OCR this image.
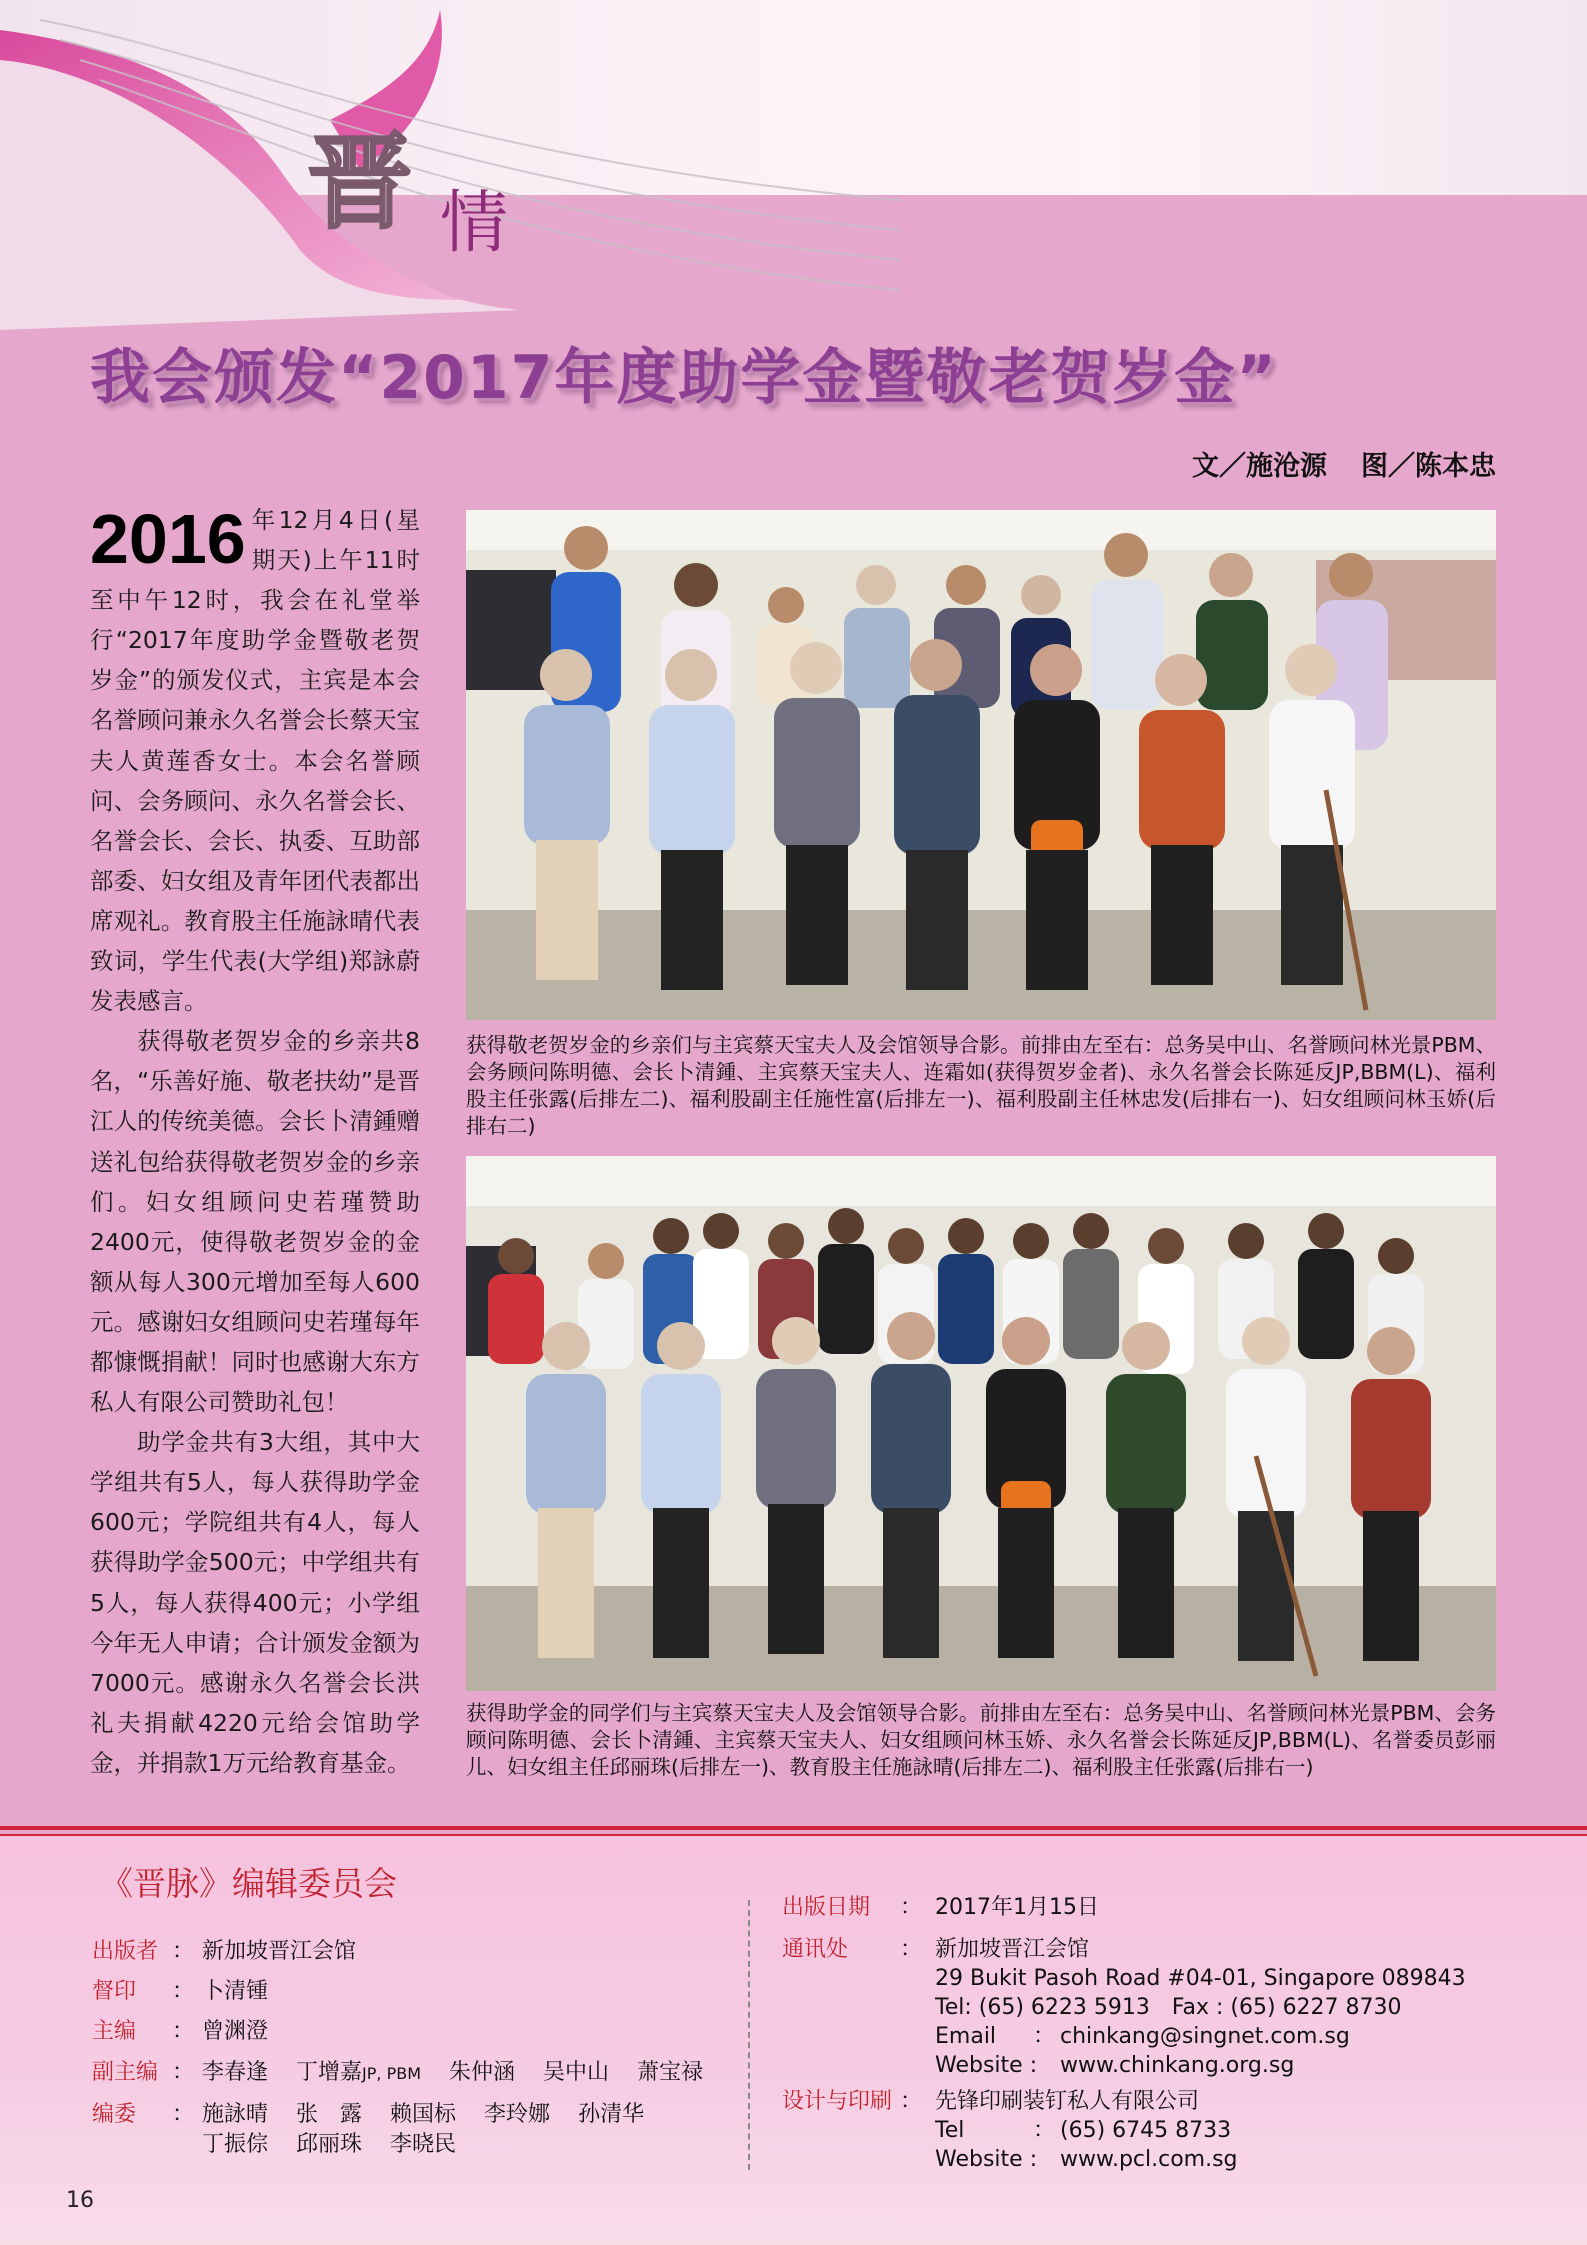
晋 情
我会颁发“2017年度助学金暨敬老贺岁金”
文／施沧源 图／陈本忠

2016 年12月4日(星期天)上午11时至中午12时，我会在礼堂举行“2017年度助学金暨敬老贺岁金”的颁发仪式，主宾是本会名誉顾问兼永久名誉会长蔡天宝夫人黄莲香女士。本会名誉顾问、会务顾问、永久名誉会长、名誉会长、会长、执委、互助部部委、妇女组及青年团代表都出席观礼。教育股主任施詠晴代表致词，学生代表(大学组)郑詠蔚发表感言。

获得敬老贺岁金的乡亲共8名，“乐善好施、敬老扶幼”是晋江人的传统美德。会长卜清鍾赠送礼包给获得敬老贺岁金的乡亲们。妇女组顾问史若瑾赞助2400元，使得敬老贺岁金的金额从每人300元增加至每人600元。感谢妇女组顾问史若瑾每年都慷慨捐献！同时也感谢大东方私人有限公司赞助礼包！

助学金共有3大组，其中大学组共有5人，每人获得助学金600元；学院组共有4人，每人获得助学金500元；中学组共有5人，每人获得400元；小学组今年无人申请；合计颁发金额为7000元。感谢永久名誉会长洪礼夫捐献4220元给会馆助学金，并捐款1万元给教育基金。

获得敬老贺岁金的乡亲们与主宾蔡天宝夫人及会馆领导合影。前排由左至右：总务吴中山、名誉顾问林光景PBM、会务顾问陈明德、会长卜清鍾、主宾蔡天宝夫人、连霜如(获得贺岁金者)、永久名誉会长陈延反JP,BBM(L)、福利股主任张露(后排左二)、福利股副主任施性富(后排左一)、福利股副主任林忠发(后排右一)、妇女组顾问林玉娇(后排右二)
获得助学金的同学们与主宾蔡天宝夫人及会馆领导合影。前排由左至右：总务吴中山、名誉顾问林光景PBM、会务顾问陈明德、会长卜清鍾、主宾蔡天宝夫人、妇女组顾问林玉娇、永久名誉会长陈延反JP,BBM(L)、名誉委员彭丽儿、妇女组主任邱丽珠(后排左一)、教育股主任施詠晴(后排左二)、福利股主任张露(后排右一)
《晋脉》编辑委员会
出版者 ： 新加坡晋江会馆
督印 ： 卜清锺
主编 ： 曾渊澄
副主编 ： 李春逢 丁增嘉JP, PBM 朱仲涵 吴中山 萧宝禄
编委 ： 施詠晴 张　露 赖国标 李玲娜 孙清华
丁振倧 邱丽珠 李晓民
出版日期 ： 2017年1月15日
通讯处 ： 新加坡晋江会馆
29 Bukit Pasoh Road #04-01, Singapore 089843
Tel: (65) 6223 5913　Fax : (65) 6227 8730
Email ： chinkang@singnet.com.sg
Website : www.chinkang.org.sg
设计与印刷 ： 先锋印刷装钉私人有限公司
Tel	： (65) 6745 8733
Website : www.pcl.com.sg
16
